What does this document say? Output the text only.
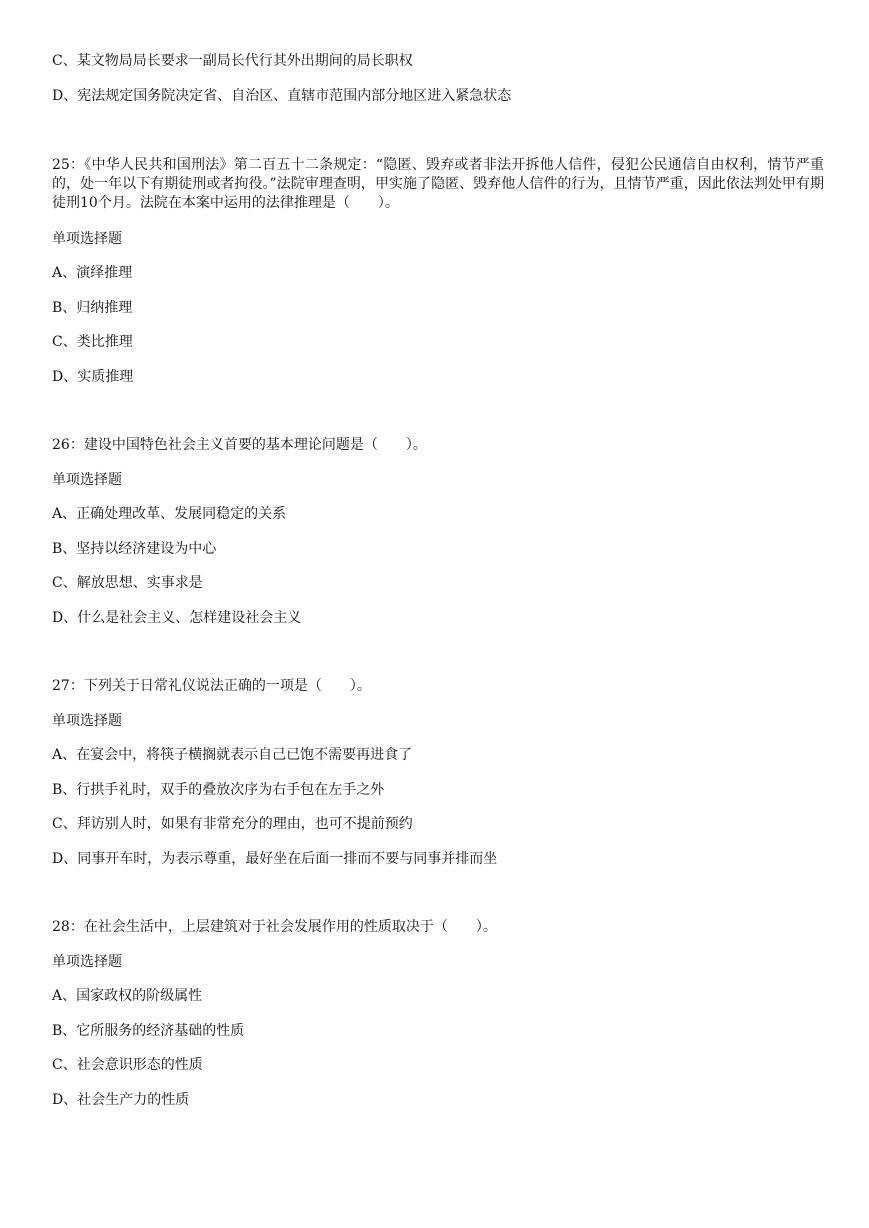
C、某文物局局长要求一副局长代行其外出期间的局长职权
D、宪法规定国务院决定省、自治区、直辖市范围内部分地区进入紧急状态
25：《中华人民共和国刑法》第二百五十二条规定：“隐匿、毁弃或者非法开拆他人信件，侵犯公民通信自由权利，情节严重的，处一年以下有期徒刑或者拘役。”法院审理查明，甲实施了隐匿、毁弃他人信件的行为，且情节严重，因此依法判处甲有期徒刑10个月。法院在本案中运用的法律推理是（　　）。
单项选择题
A、演绎推理
B、归纳推理
C、类比推理
D、实质推理
26：建设中国特色社会主义首要的基本理论问题是（　　）。
单项选择题
A、正确处理改革、发展同稳定的关系
B、坚持以经济建设为中心
C、解放思想、实事求是
D、什么是社会主义、怎样建设社会主义
27：下列关于日常礼仪说法正确的一项是（　　）。
单项选择题
A、在宴会中，将筷子横搁就表示自己已饱不需要再进食了
B、行拱手礼时，双手的叠放次序为右手包在左手之外
C、拜访别人时，如果有非常充分的理由，也可不提前预约
D、同事开车时，为表示尊重，最好坐在后面一排而不要与同事并排而坐
28：在社会生活中，上层建筑对于社会发展作用的性质取决于（　　）。
单项选择题
A、国家政权的阶级属性
B、它所服务的经济基础的性质
C、社会意识形态的性质
D、社会生产力的性质
